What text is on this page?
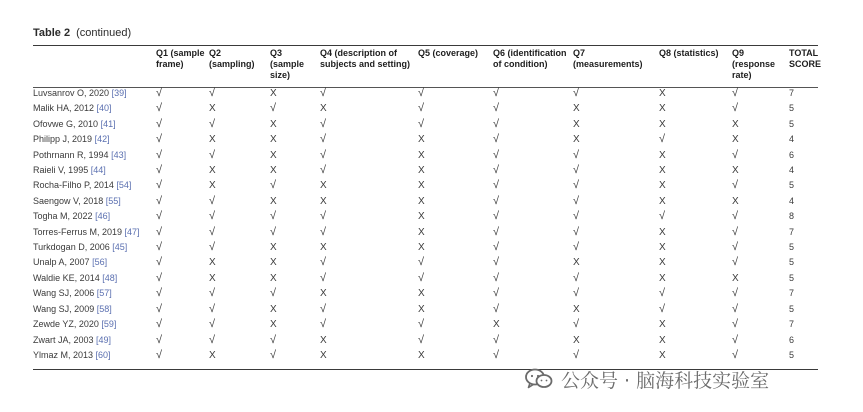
Table 2 (continued)
	Q1 (sample frame)	Q2 (sampling)	Q3 (sample size)	Q4 (description of subjects and setting)	Q5 (coverage)	Q6 (identification of condition)	Q7 (measurements)	Q8 (statistics)	Q9 (response rate)	TOTAL SCORE
Luvsanrov O, 2020 [39]	√	√	X	√	√	√	√	X	√	7
Malik HA, 2012 [40]	√	X	√	X	√	√	X	X	√	5
Ofovwe G, 2010 [41]	√	√	X	√	√	√	X	X	X	5
Philipp J, 2019 [42]	√	X	X	√	X	√	X	√	X	4
Pothrnann R, 1994 [43]	√	√	X	√	X	√	√	X	√	6
Raieli V, 1995 [44]	√	X	X	√	X	√	√	X	X	4
Rocha-Filho P, 2014 [54]	√	X	√	X	X	√	√	X	√	5
Saengow V, 2018 [55]	√	√	X	X	X	√	√	X	X	4
Togha M, 2022 [46]	√	√	√	√	X	√	√	√	√	8
Torres-Ferrus M, 2019 [47]	√	√	√	√	X	√	√	X	√	7
Turkdogan D, 2006 [45]	√	√	X	X	X	√	√	X	√	5
Unalp A, 2007 [56]	√	X	X	√	√	√	X	X	√	5
Waldie KE, 2014 [48]	√	X	X	√	√	√	√	X	X	5
Wang SJ, 2006 [57]	√	√	√	X	X	√	√	√	√	7
Wang SJ, 2009 [58]	√	√	X	√	X	√	X	√	√	5
Zewde YZ, 2020 [59]	√	√	X	√	√	X	√	X	√	7
Zwart JA, 2003 [49]	√	√	√	X	√	√	X	X	√	6
Ylmaz M, 2013 [60]	√	X	√	X	X	√	√	X	√	5
公众号 · 脑海科技实验室
